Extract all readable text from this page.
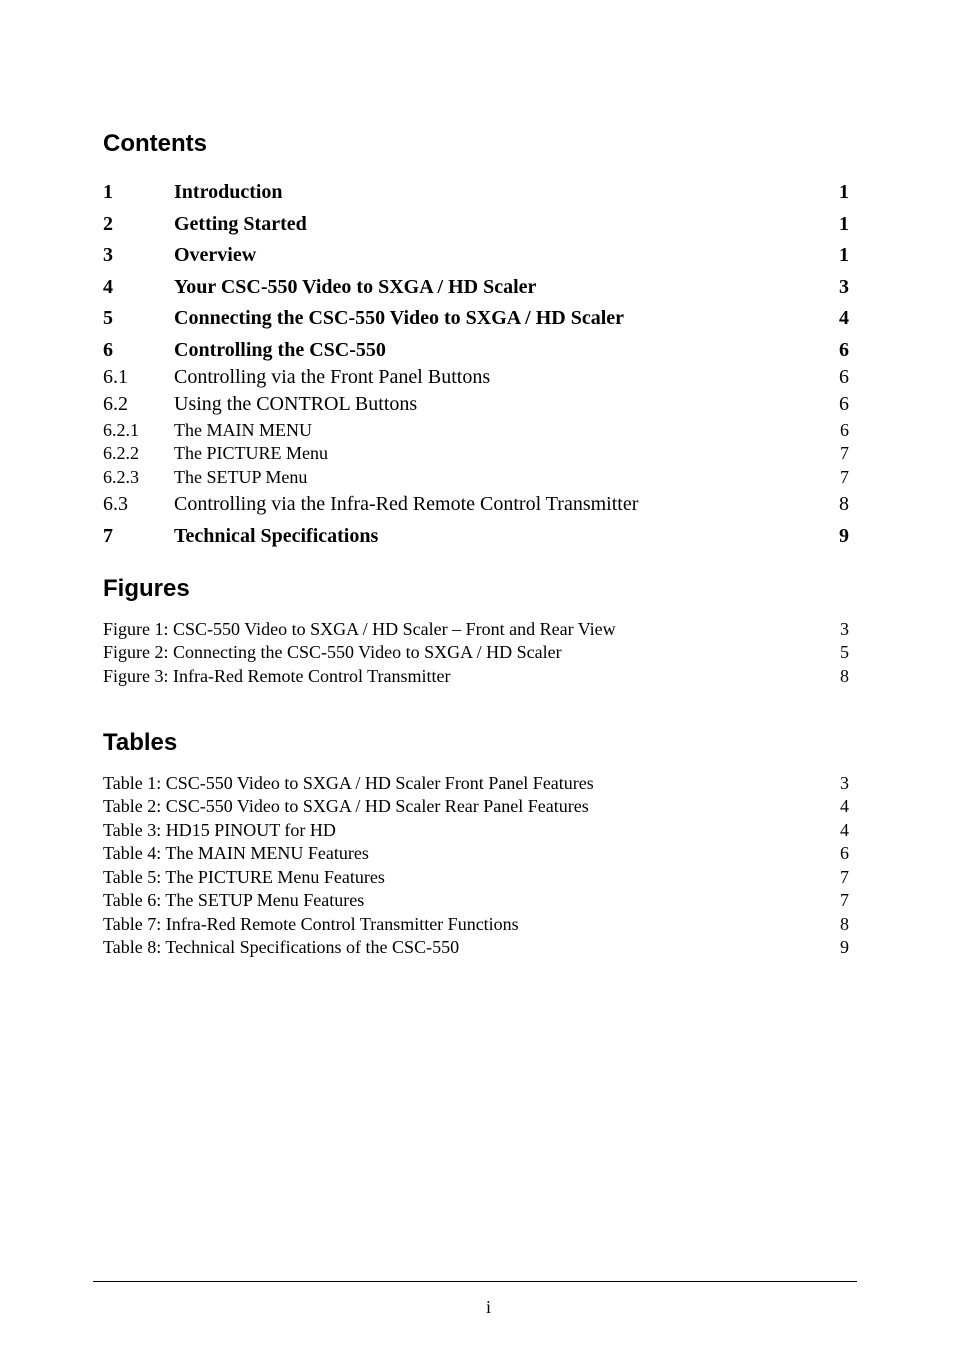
Contents
1	Introduction	1
2	Getting Started	1
3	Overview	1
4	Your CSC-550 Video to SXGA / HD Scaler	3
5	Connecting the CSC-550 Video to SXGA / HD Scaler	4
6	Controlling the CSC-550	6
6.1 Controlling via the Front Panel Buttons	6
6.2 Using the CONTROL Buttons	6
6.2.1 The MAIN MENU	6
6.2.2 The PICTURE Menu	7
6.2.3 The SETUP Menu	7
6.3 Controlling via the Infra-Red Remote Control Transmitter	8
7	Technical Specifications	9
Figures
Figure 1: CSC-550 Video to SXGA / HD Scaler – Front and Rear View	3
Figure 2: Connecting the CSC-550 Video to SXGA / HD Scaler	5
Figure 3: Infra-Red Remote Control Transmitter	8
Tables
Table 1: CSC-550 Video to SXGA / HD Scaler Front Panel Features	3
Table 2: CSC-550 Video to SXGA / HD Scaler Rear Panel Features	4
Table 3: HD15 PINOUT for HD	4
Table 4: The MAIN MENU Features	6
Table 5: The PICTURE Menu Features	7
Table 6: The SETUP Menu Features	7
Table 7: Infra-Red Remote Control Transmitter Functions	8
Table 8: Technical Specifications of the CSC-550	9
i
